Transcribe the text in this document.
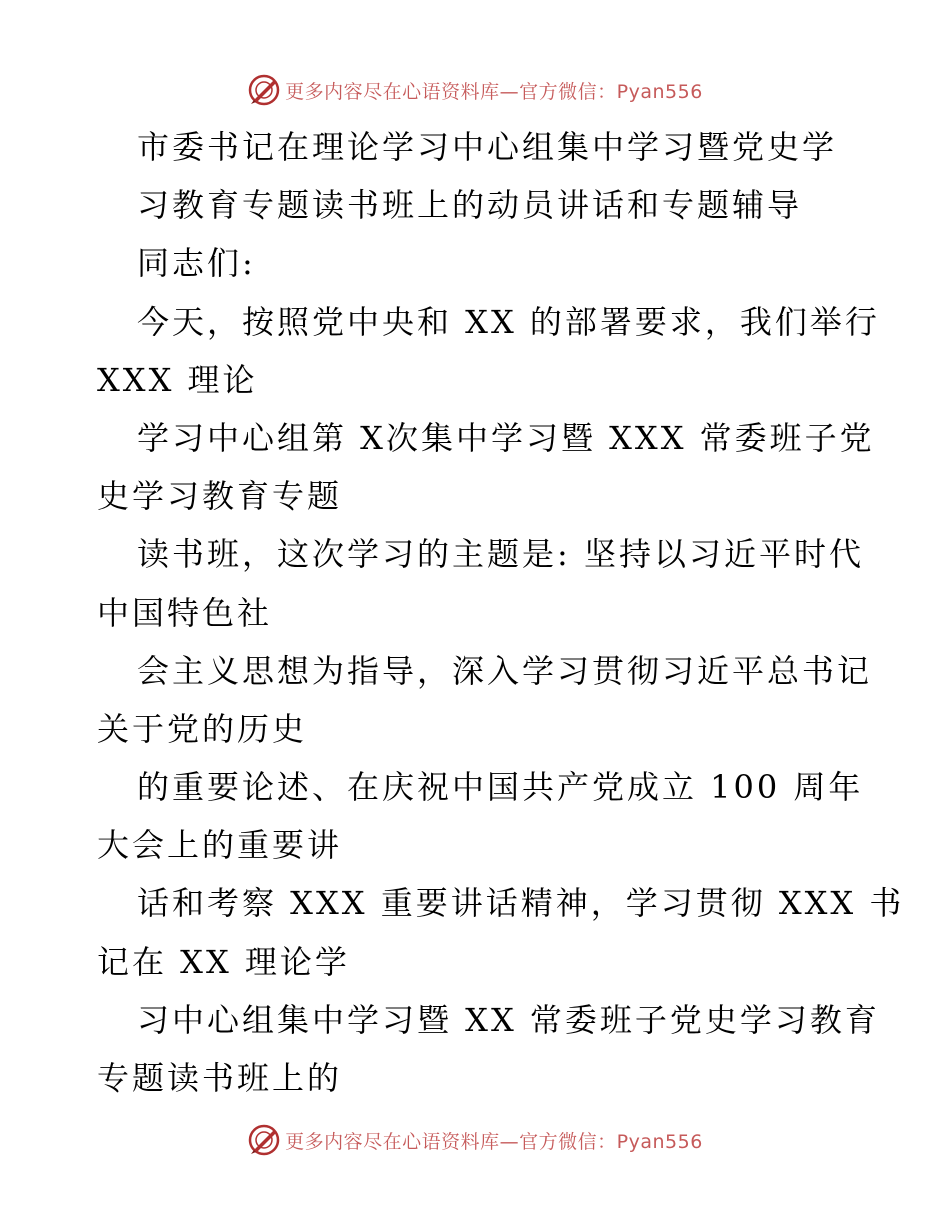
更多内容尽在心语资料库—官方微信：Pyan556
市委书记在理论学习中心组集中学习暨党史学
习教育专题读书班上的动员讲话和专题辅导
同志们:
今天，按照党中央和 XX 的部署要求，我们举行
XXX 理论
学习中心组第 X次集中学习暨 XXX 常委班子党
史学习教育专题
读书班，这次学习的主题是: 坚持以习近平时代
中国特色社
会主义思想为指导，深入学习贯彻习近平总书记
关于党的历史
的重要论述、在庆祝中国共产党成立 100 周年
大会上的重要讲
话和考察 XXX 重要讲话精神，学习贯彻 XXX 书
记在 XX 理论学
习中心组集中学习暨 XX 常委班子党史学习教育
专题读书班上的
更多内容尽在心语资料库—官方微信：Pyan556
